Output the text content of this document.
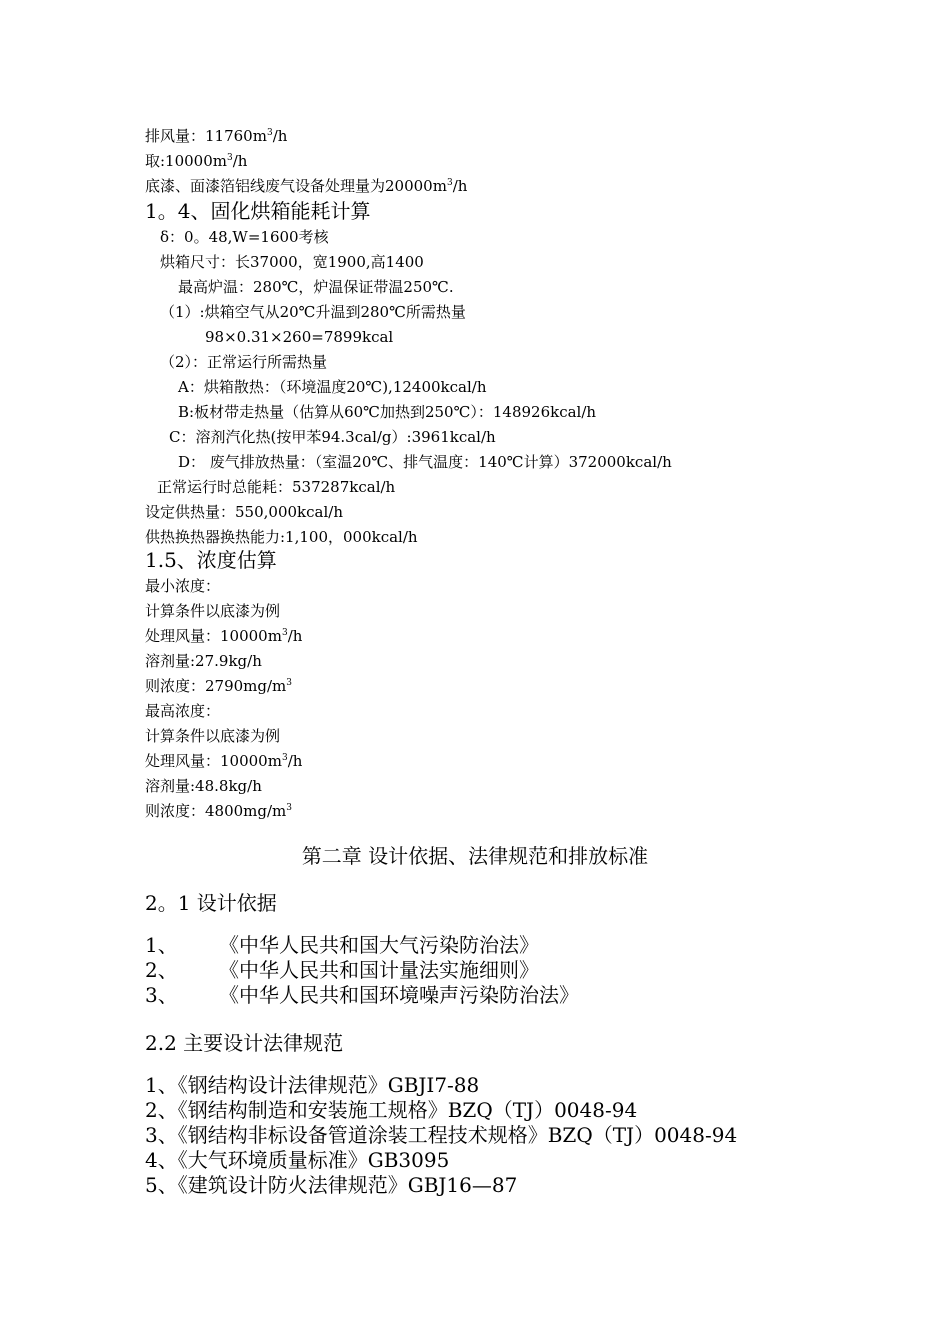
排风量：$11760m^3/h$
取$:10000m^3/h$
底漆、面漆箔铝线废气设备处理量为$20000m^3/h$
1。4、固化烘箱能耗计算
δ：0。48,W=1600考核
烘箱尺寸：长37000，宽1900,高1400
最高炉温：280℃，炉温保证带温250℃.
（1）:烘箱空气从20℃升温到280℃所需热量
98×0.31×260=7899kcal
（2）：正常运行所需热量
A：烘箱散热：（环境温度20℃),12400kcal/h
B:板材带走热量（估算从60℃加热到250℃）：148926kcal/h
C：溶剂汽化热(按甲苯94.3cal/g）:3961kcal/h
D： 废气排放热量：（室温20℃、排气温度：140℃计算）372000kcal/h
正常运行时总能耗：537287kcal/h
设定供热量：550,000kcal/h
供热换热器换热能力:1,100，000kcal/h
1.5、浓度估算
最小浓度：
计算条件以底漆为例
处理风量：$10000m^3/h$
溶剂量:27.9kg/h
则浓度：$2790mg/m^3$
最高浓度：
计算条件以底漆为例
处理风量：$10000m^3/h$
溶剂量:48.8kg/h
则浓度：$4800mg/m^3$
第二章 设计依据、法律规范和排放标准
2。1 设计依据
1、 《中华人民共和国大气污染防治法》
2、 《中华人民共和国计量法实施细则》
3、 《中华人民共和国环境噪声污染防治法》
2.2 主要设计法律规范
1、《钢结构设计法律规范》GBJI7-88
2、《钢结构制造和安装施工规格》BZQ（TJ）0048-94
3、《钢结构非标设备管道涂装工程技术规格》BZQ（TJ）0048-94
4、《大气环境质量标准》GB3095
5、《建筑设计防火法律规范》GBJ16—87
